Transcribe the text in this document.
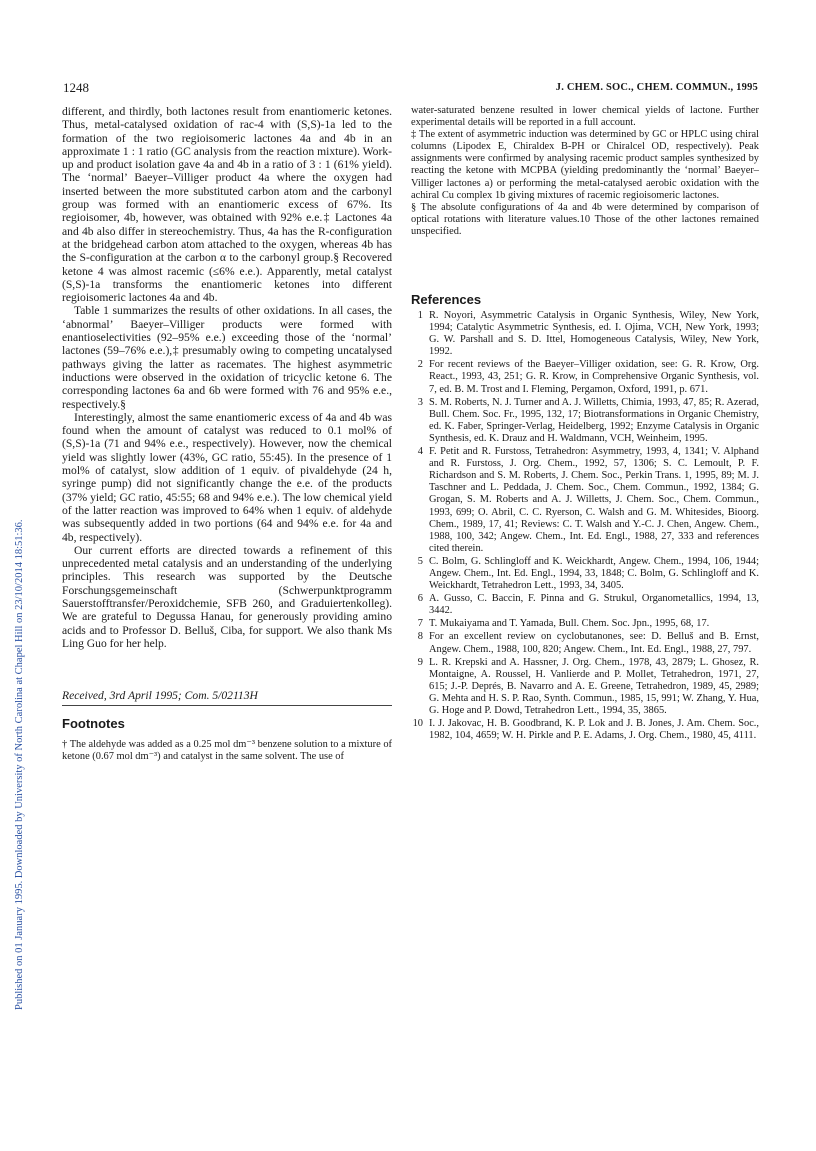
1248	J. CHEM. SOC., CHEM. COMMUN., 1995
Published on 01 January 1995. Downloaded by University of North Carolina at Chapel Hill on 23/10/2014 18:51:36.

different, and thirdly, both lactones result from enantiomeric ketones. Thus, metal-catalysed oxidation of rac-4 with (S,S)-1a led to the formation of the two regioisomeric lactones 4a and 4b in an approximate 1 : 1 ratio (GC analysis from the reaction mixture). Work-up and product isolation gave 4a and 4b in a ratio of 3 : 1 (61% yield). The ‘normal’ Baeyer–Villiger product 4a where the oxygen had inserted between the more substituted carbon atom and the carbonyl group was formed with an enantiomeric excess of 67%. Its regioisomer, 4b, however, was obtained with 92% e.e.‡ Lactones 4a and 4b also differ in stereochemistry. Thus, 4a has the R-configuration at the bridgehead carbon atom attached to the oxygen, whereas 4b has the S-configuration at the carbon α to the carbonyl group.§ Recovered ketone 4 was almost racemic (≤6% e.e.). Apparently, metal catalyst (S,S)-1a transforms the enantiomeric ketones into different regioisomeric lactones 4a and 4b.

Table 1 summarizes the results of other oxidations. In all cases, the ‘abnormal’ Baeyer–Villiger products were formed with enantioselectivities (92–95% e.e.) exceeding those of the ‘normal’ lactones (59–76% e.e.),‡ presumably owing to competing uncatalysed pathways giving the latter as racemates. The highest asymmetric inductions were observed in the oxidation of tricyclic ketone 6. The corresponding lactones 6a and 6b were formed with 76 and 95% e.e., respectively.§

Interestingly, almost the same enantiomeric excess of 4a and 4b was found when the amount of catalyst was reduced to 0.1 mol% of (S,S)-1a (71 and 94% e.e., respectively). However, now the chemical yield was slightly lower (43%, GC ratio, 55:45). In the presence of 1 mol% of catalyst, slow addition of 1 equiv. of pivaldehyde (24 h, syringe pump) did not significantly change the e.e. of the products (37% yield; GC ratio, 45:55; 68 and 94% e.e.). The low chemical yield of the latter reaction was improved to 64% when 1 equiv. of aldehyde was subsequently added in two portions (64 and 94% e.e. for 4a and 4b, respectively).

Our current efforts are directed towards a refinement of this unprecedented metal catalysis and an understanding of the underlying principles. This research was supported by the Deutsche Forschungsgemeinschaft (Schwerpunktprogramm Sauerstofftransfer/Peroxidchemie, SFB 260, and Graduiertenkolleg). We are grateful to Degussa Hanau, for generously providing amino acids and to Professor D. Belluš, Ciba, for support. We also thank Ms Ling Guo for her help.

Received, 3rd April 1995; Com. 5/02113H
Footnotes
† The aldehyde was added as a 0.25 mol dm⁻³ benzene solution to a mixture of ketone (0.67 mol dm⁻³) and catalyst in the same solvent. The use of

water-saturated benzene resulted in lower chemical yields of lactone. Further experimental details will be reported in a full account.

‡ The extent of asymmetric induction was determined by GC or HPLC using chiral columns (Lipodex E, Chiraldex B-PH or Chiralcel OD, respectively). Peak assignments were confirmed by analysing racemic product samples synthesized by reacting the ketone with MCPBA (yielding predominantly the ‘normal’ Baeyer–Villiger lactones a) or performing the metal-catalysed aerobic oxidation with the achiral Cu complex 1b giving mixtures of racemic regioisomeric lactones.

§ The absolute configurations of 4a and 4b were determined by comparison of optical rotations with literature values.10 Those of the other lactones remained unspecified.

References
1 R. Noyori, Asymmetric Catalysis in Organic Synthesis, Wiley, New York, 1994; Catalytic Asymmetric Synthesis, ed. I. Ojima, VCH, New York, 1993; G. W. Parshall and S. D. Ittel, Homogeneous Catalysis, Wiley, New York, 1992.
2 For recent reviews of the Baeyer–Villiger oxidation, see: G. R. Krow, Org. React., 1993, 43, 251; G. R. Krow, in Comprehensive Organic Synthesis, vol. 7, ed. B. M. Trost and I. Fleming, Pergamon, Oxford, 1991, p. 671.
3 S. M. Roberts, N. J. Turner and A. J. Willetts, Chimia, 1993, 47, 85; R. Azerad, Bull. Chem. Soc. Fr., 1995, 132, 17; Biotransformations in Organic Chemistry, ed. K. Faber, Springer-Verlag, Heidelberg, 1992; Enzyme Catalysis in Organic Synthesis, ed. K. Drauz and H. Waldmann, VCH, Weinheim, 1995.
4 F. Petit and R. Furstoss, Tetrahedron: Asymmetry, 1993, 4, 1341; V. Alphand and R. Furstoss, J. Org. Chem., 1992, 57, 1306; S. C. Lemoult, P. F. Richardson and S. M. Roberts, J. Chem. Soc., Perkin Trans. 1, 1995, 89; M. J. Taschner and L. Peddada, J. Chem. Soc., Chem. Commun., 1992, 1384; G. Grogan, S. M. Roberts and A. J. Willetts, J. Chem. Soc., Chem. Commun., 1993, 699; O. Abril, C. C. Ryerson, C. Walsh and G. M. Whitesides, Bioorg. Chem., 1989, 17, 41; Reviews: C. T. Walsh and Y.-C. J. Chen, Angew. Chem., 1988, 100, 342; Angew. Chem., Int. Ed. Engl., 1988, 27, 333 and references cited therein.
5 C. Bolm, G. Schlingloff and K. Weickhardt, Angew. Chem., 1994, 106, 1944; Angew. Chem., Int. Ed. Engl., 1994, 33, 1848; C. Bolm, G. Schlingloff and K. Weickhardt, Tetrahedron Lett., 1993, 34, 3405.
6 A. Gusso, C. Baccin, F. Pinna and G. Strukul, Organometallics, 1994, 13, 3442.
7 T. Mukaiyama and T. Yamada, Bull. Chem. Soc. Jpn., 1995, 68, 17.
8 For an excellent review on cyclobutanones, see: D. Belluš and B. Ernst, Angew. Chem., 1988, 100, 820; Angew. Chem., Int. Ed. Engl., 1988, 27, 797.
9 L. R. Krepski and A. Hassner, J. Org. Chem., 1978, 43, 2879; L. Ghosez, R. Montaigne, A. Roussel, H. Vanlierde and P. Mollet, Tetrahedron, 1971, 27, 615; J.-P. Deprés, B. Navarro and A. E. Greene, Tetrahedron, 1989, 45, 2989; G. Mehta and H. S. P. Rao, Synth. Commun., 1985, 15, 991; W. Zhang, Y. Hua, G. Hoge and P. Dowd, Tetrahedron Lett., 1994, 35, 3865.
10 I. J. Jakovac, H. B. Goodbrand, K. P. Lok and J. B. Jones, J. Am. Chem. Soc., 1982, 104, 4659; W. H. Pirkle and P. E. Adams, J. Org. Chem., 1980, 45, 4111.
